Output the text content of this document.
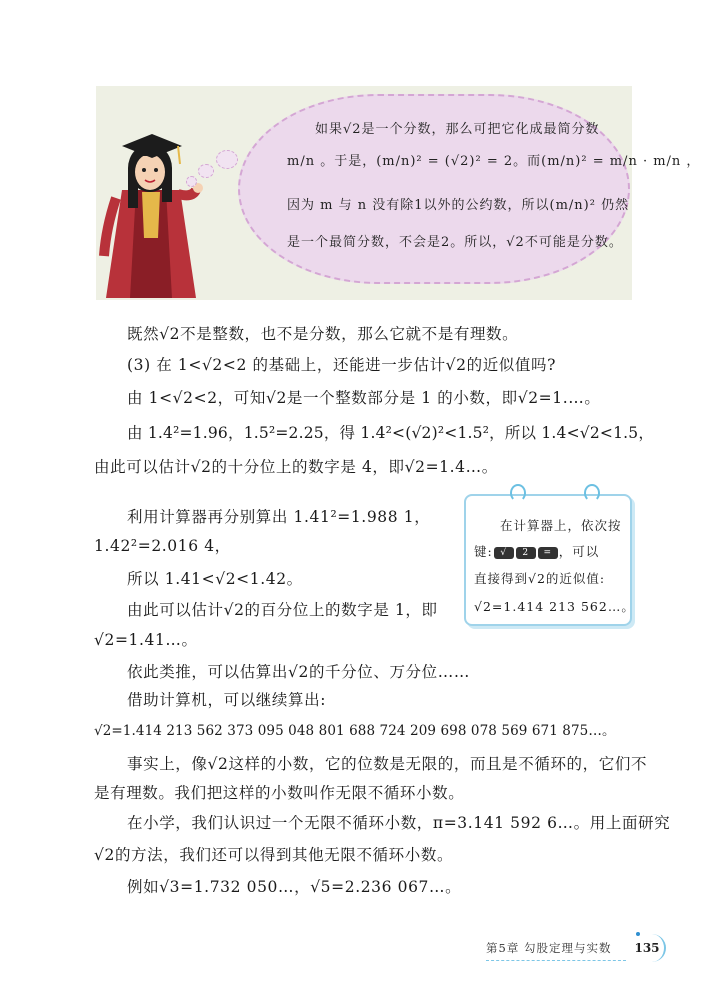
如果√2是一个分数，那么可把它化成最简分数
m/n 。于是，(m/n)² = (√2)² = 2。而(m/n)² = m/n · m/n ，
因为 m 与 n 没有除1以外的公约数，所以(m/n)² 仍然
是一个最简分数，不会是2。所以，√2不可能是分数。
既然√2不是整数，也不是分数，那么它就不是有理数。
(3) 在 1<√2<2 的基础上，还能进一步估计√2的近似值吗?
由 1<√2<2，可知√2是一个整数部分是 1 的小数，即√2=1.…。
由 1.4²=1.96，1.5²=2.25，得 1.4²<(√2)²<1.5²，所以 1.4<√2<1.5，
由此可以估计√2的十分位上的数字是 4，即√2=1.4…。
利用计算器再分别算出 1.41²=1.988 1，
1.42²=2.016 4，
所以 1.41<√2<1.42。
由此可以估计√2的百分位上的数字是 1，即
√2=1.41…。
在计算器上，依次按
键: √ 2 = ，可以
直接得到√2的近似值:
√2=1.414 213 562…。
依此类推，可以估算出√2的千分位、万分位……
借助计算机，可以继续算出:
√2=1.414 213 562 373 095 048 801 688 724 209 698 078 569 671 875…。
事实上，像√2这样的小数，它的位数是无限的，而且是不循环的，它们不
是有理数。我们把这样的小数叫作无限不循环小数。
在小学，我们认识过一个无限不循环小数，π=3.141 592 6…。用上面研究
√2的方法，我们还可以得到其他无限不循环小数。
例如√3=1.732 050…，√5=2.236 067…。
第5章 勾股定理与实数	135
